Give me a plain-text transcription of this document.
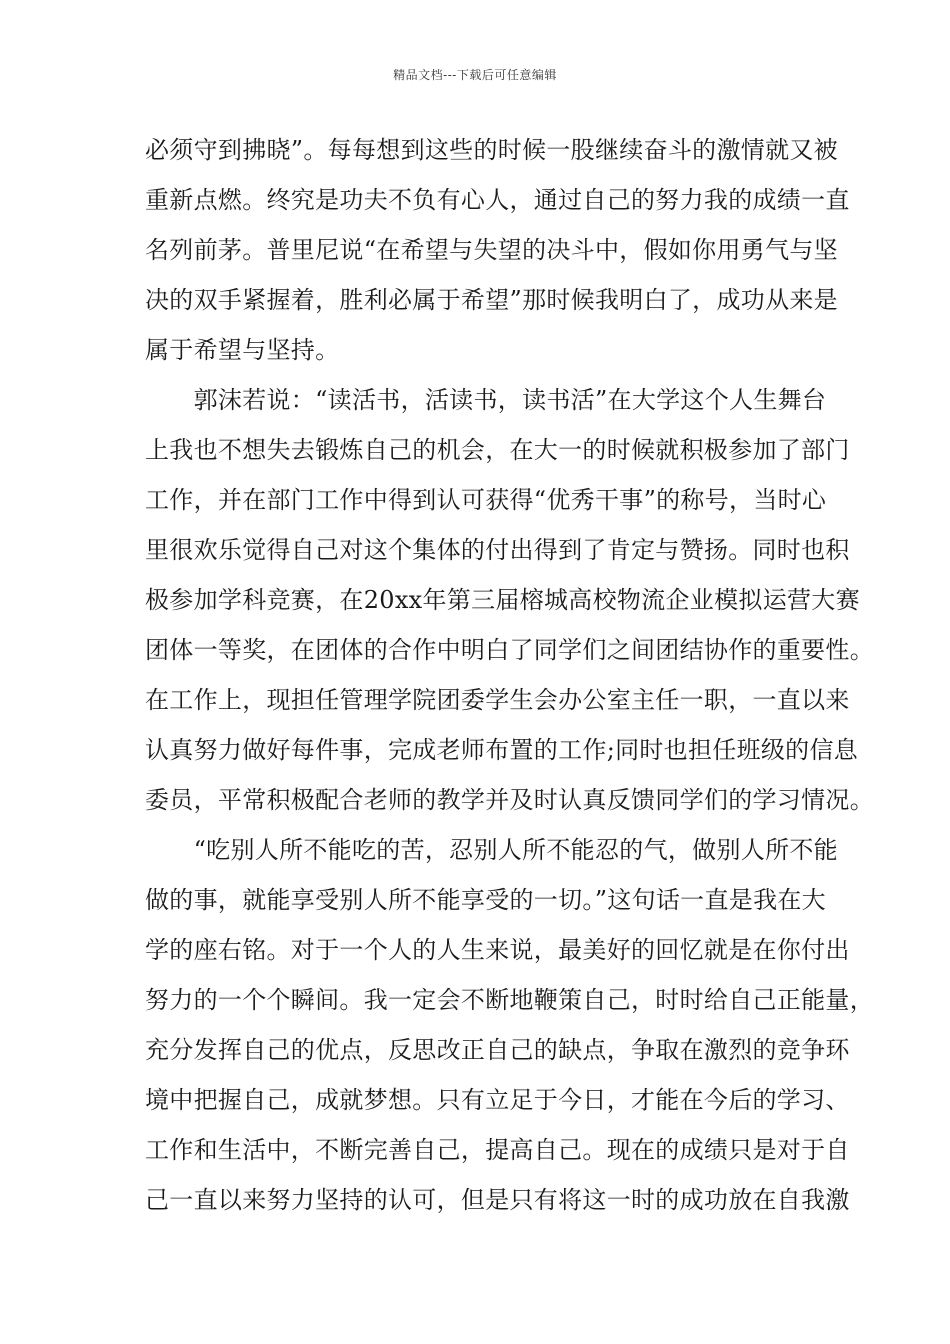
精品文档---下载后可任意编辑
必须守到拂晓”。每每想到这些的时候一股继续奋斗的激情就又被
重新点燃。终究是功夫不负有心人，通过自己的努力我的成绩一直
名列前茅。普里尼说“在希望与失望的决斗中，假如你用勇气与坚
决的双手紧握着，胜利必属于希望”那时候我明白了，成功从来是
属于希望与坚持。
　　郭沫若说：“读活书，活读书，读书活”在大学这个人生舞台
上我也不想失去锻炼自己的机会，在大一的时候就积极参加了部门
工作，并在部门工作中得到认可获得“优秀干事”的称号，当时心
里很欢乐觉得自己对这个集体的付出得到了肯定与赞扬。同时也积
极参加学科竞赛，在20xx年第三届榕城高校物流企业模拟运营大赛
团体一等奖，在团体的合作中明白了同学们之间团结协作的重要性。
在工作上，现担任管理学院团委学生会办公室主任一职，一直以来
认真努力做好每件事，完成老师布置的工作;同时也担任班级的信息
委员，平常积极配合老师的教学并及时认真反馈同学们的学习情况。
　　“吃别人所不能吃的苦，忍别人所不能忍的气，做别人所不能
做的事，就能享受别人所不能享受的一切。”这句话一直是我在大
学的座右铭。对于一个人的人生来说，最美好的回忆就是在你付出
努力的一个个瞬间。我一定会不断地鞭策自己，时时给自己正能量，
充分发挥自己的优点，反思改正自己的缺点，争取在激烈的竞争环
境中把握自己，成就梦想。只有立足于今日，才能在今后的学习、
工作和生活中，不断完善自己，提高自己。现在的成绩只是对于自
己一直以来努力坚持的认可，但是只有将这一时的成功放在自我激
